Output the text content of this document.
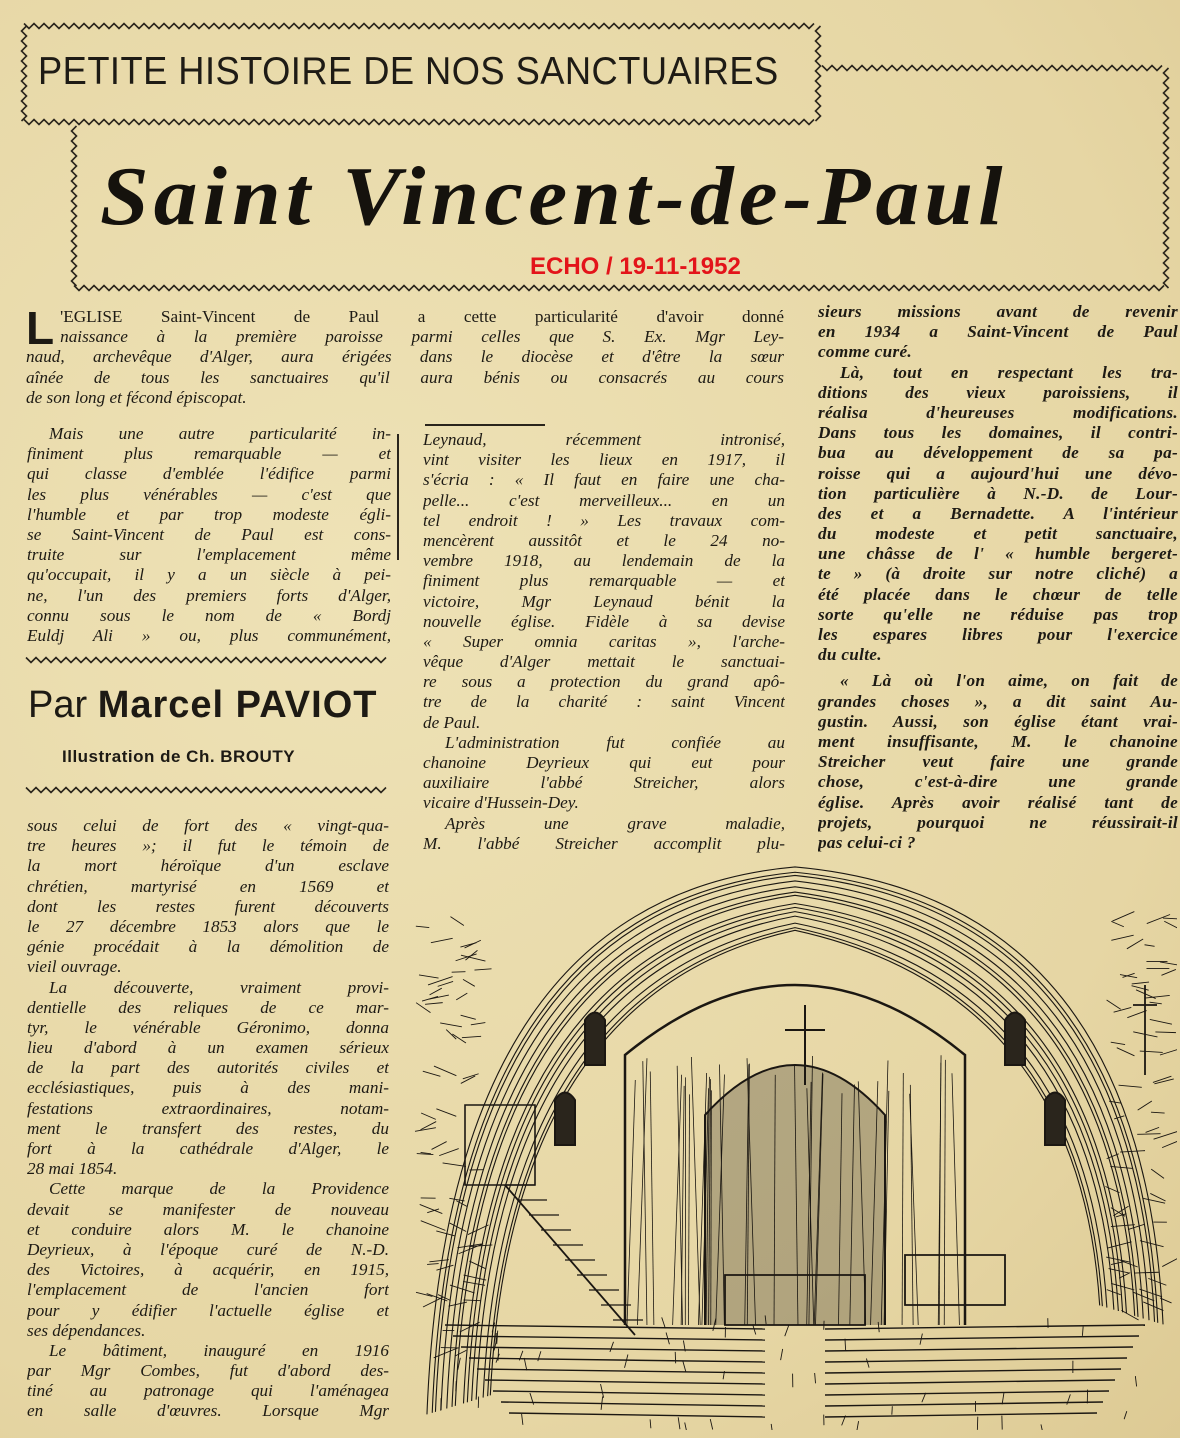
PETITE HISTOIRE DE NOS SANCTUAIRES
Saint Vincent-de-Paul
ECHO / 19-11-1952
L 'EGLISE Saint-Vincent de Paul a cette particularité d'avoir donné
naissance à la première paroisse parmi celles que S. Ex. Mgr Ley-
naud, archevêque d'Alger, aura érigées dans le diocèse et d'être la sœur
aînée de tous les sanctuaires qu'il aura bénis ou consacrés au cours
de son long et fécond épiscopat.
Mais une autre particularité in-
finiment plus remarquable — et
qui classe d'emblée l'édifice parmi
les plus vénérables — c'est que
l'humble et par trop modeste égli-
se Saint-Vincent de Paul est cons-
truite sur l'emplacement même
qu'occupait, il y a un siècle à pei-
ne, l'un des premiers forts d'Alger,
connu sous le nom de « Bordj
Euldj Ali » ou, plus communément,
Par Marcel PAVIOT
Illustration de Ch. BROUTY
sous celui de fort des « vingt-qua-
tre heures »; il fut le témoin de
la mort héroïque d'un esclave
chrétien, martyrisé en 1569 et
dont les restes furent découverts
le 27 décembre 1853 alors que le
génie procédait à la démolition de
vieil ouvrage.
La découverte, vraiment provi-
dentielle des reliques de ce mar-
tyr, le vénérable Géronimo, donna
lieu d'abord à un examen sérieux
de la part des autorités civiles et
ecclésiastiques, puis à des mani-
festations extraordinaires, notam-
ment le transfert des restes, du
fort à la cathédrale d'Alger, le
28 mai 1854.
Cette marque de la Providence
devait se manifester de nouveau
et conduire alors M. le chanoine
Deyrieux, à l'époque curé de N.-D.
des Victoires, à acquérir, en 1915,
l'emplacement de l'ancien fort
pour y édifier l'actuelle église et
ses dépendances.
Le bâtiment, inauguré en 1916
par Mgr Combes, fut d'abord des-
tiné au patronage qui l'aménagea
en salle d'œuvres. Lorsque Mgr
Leynaud, récemment intronisé,
vint visiter les lieux en 1917, il
s'écria : « Il faut en faire une cha-
pelle... c'est merveilleux... en un
tel endroit ! » Les travaux com-
mencèrent aussitôt et le 24 no-
vembre 1918, au lendemain de la
finiment plus remarquable — et
victoire, Mgr Leynaud bénit la
nouvelle église. Fidèle à sa devise
« Super omnia caritas », l'arche-
vêque d'Alger mettait le sanctuai-
re sous a protection du grand apô-
tre de la charité : saint Vincent
de Paul.
L'administration fut confiée au
chanoine Deyrieux qui eut pour
auxiliaire l'abbé Streicher, alors
vicaire d'Hussein-Dey.
Après une grave maladie,
M. l'abbé Streicher accomplit plu-
sieurs missions avant de revenir
en 1934 a Saint-Vincent de Paul
comme curé.
Là, tout en respectant les tra-
ditions des vieux paroissiens, il
réalisa d'heureuses modifications.
Dans tous les domaines, il contri-
bua au développement de sa pa-
roisse qui a aujourd'hui une dévo-
tion particulière à N.-D. de Lour-
des et a Bernadette. A l'intérieur
du modeste et petit sanctuaire,
une châsse de l' « humble bergeret-
te » (à droite sur notre cliché) a
été placée dans le chœur de telle
sorte qu'elle ne réduise pas trop
les espares libres pour l'exercice
du culte.
« Là où l'on aime, on fait de
grandes choses », a dit saint Au-
gustin. Aussi, son église étant vrai-
ment insuffisante, M. le chanoine
Streicher veut faire une grande
chose, c'est-à-dire une grande
église. Après avoir réalisé tant de
projets, pourquoi ne réussirait-il
pas celui-ci ?
